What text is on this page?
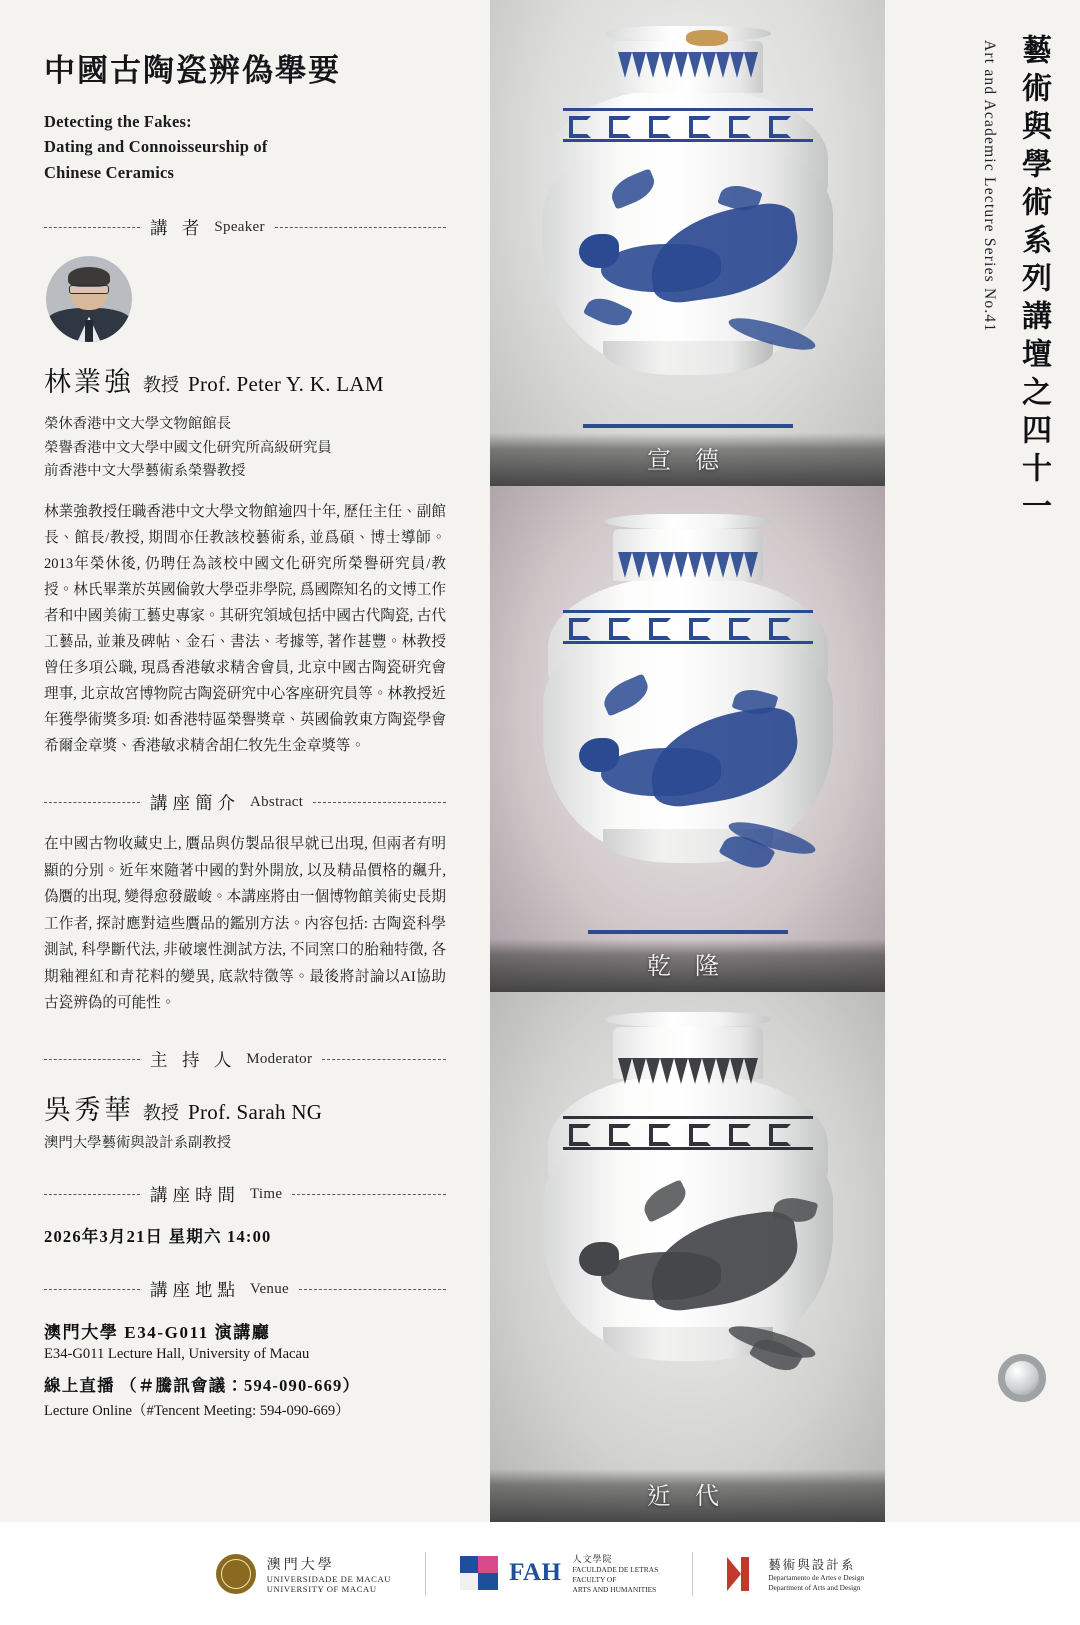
中國古陶瓷辨偽舉要
Detecting the Fakes:
Dating and Connoisseurship of
Chinese Ceramics
講 者 Speaker
林業強 教授 Prof. Peter Y. K. LAM
榮休香港中文大學文物館館長
榮譽香港中文大學中國文化研究所高級研究員
前香港中文大學藝術系榮譽教授
林業強教授任職香港中文大學文物館逾四十年, 歷任主任、副館長、館長/教授, 期間亦任教該校藝術系, 並爲碩、博士導師。2013年榮休後, 仍聘任為該校中國文化研究所榮譽研究員/教授。林氏畢業於英國倫敦大學亞非學院, 爲國際知名的文博工作者和中國美術工藝史專家。其研究領域包括中國古代陶瓷, 古代工藝品, 並兼及碑帖、金石、書法、考據等, 著作甚豐。林教授曾任多項公職, 現爲香港敏求精舍會員, 北京中國古陶瓷研究會理事, 北京故宮博物院古陶瓷研究中心客座研究員等。林教授近年獲學術獎多項: 如香港特區榮譽獎章、英國倫敦東方陶瓷學會希爾金章獎、香港敏求精舍胡仁牧先生金章獎等。
講座簡介 Abstract
在中國古物收藏史上, 贋品與仿製品很早就已出現, 但兩者有明顯的分別。近年來隨著中國的對外開放, 以及精品價格的飆升, 偽贋的出現, 變得愈發嚴峻。本講座將由一個博物館美術史長期工作者, 探討應對這些贋品的鑑別方法。內容包括: 古陶瓷科學測試, 科學斷代法, 非破壞性測試方法, 不同窯口的胎釉特徵, 各期釉裡紅和青花料的變異, 底款特徵等。最後將討論以AI協助古瓷辨偽的可能性。
主 持 人 Moderator
吳秀華 教授 Prof. Sarah NG
澳門大學藝術與設計系副教授
講座時間 Time
2026年3月21日 星期六 14:00
講座地點 Venue
澳門大學 E34-G011 演講廳
E34-G011 Lecture Hall, University of Macau
線上直播 （＃騰訊會議：594-090-669）
Lecture Online（#Tencent Meeting: 594-090-669）
宣 德
乾 隆
近 代
藝術與學術系列講壇之四十一
Art and Academic Lecture Series No.41
澳門大學
UNIVERSIDADE DE MACAU
UNIVERSITY OF MACAU
FAH
人文學院
FACULDADE DE LETRAS
FACULTY OF
ARTS AND HUMANITIES
藝術與設計系
Departamento de Artes e Design
Department of Arts and Design
